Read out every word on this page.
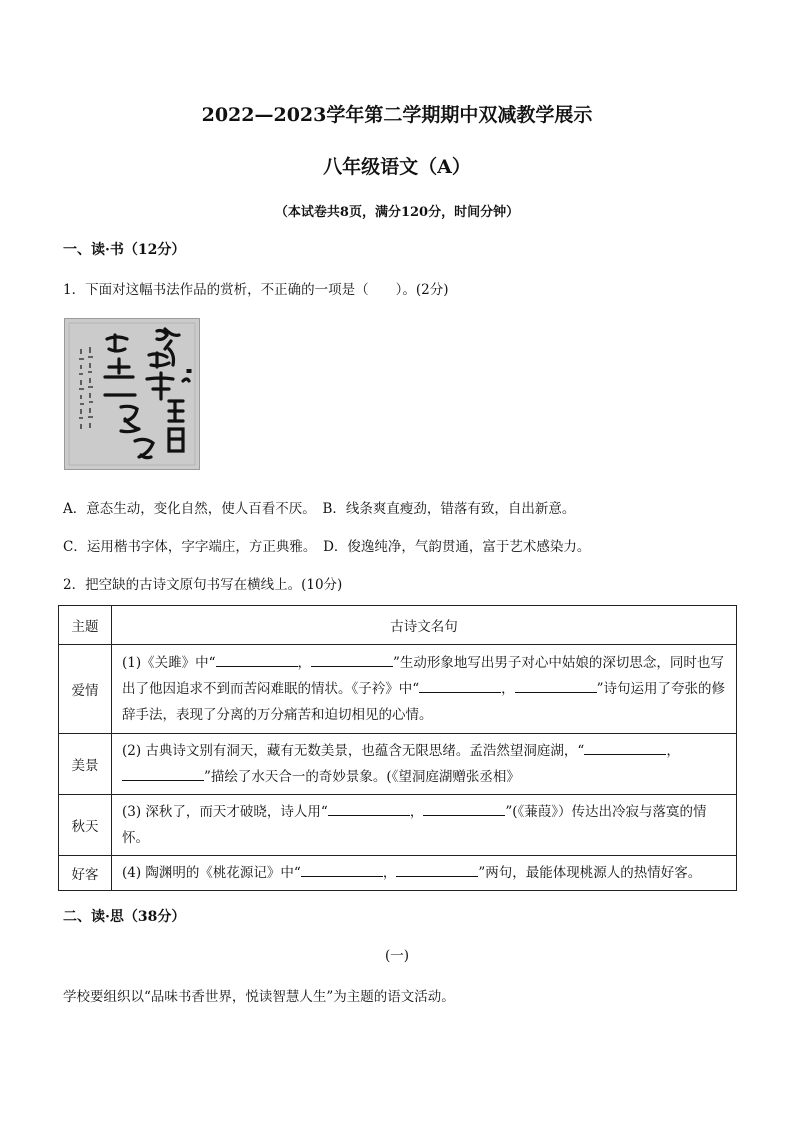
2022—2023学年第二学期期中双减教学展示
八年级语文（A）
（本试卷共8页，满分120分，时间分钟）
一、读·书（12分）
1．下面对这幅书法作品的赏析，不正确的一项是（　　）。(2分)
A．意态生动，变化自然，使人百看不厌。　B．线条爽直瘦劲，错落有致，自出新意。
C．运用楷书字体，字字端庄，方正典雅。　D．俊逸纯净，气韵贯通，富于艺术感染力。
2．把空缺的古诗文原句书写在横线上。(10分)
主题	古诗文名句
爱情	(1)《关雎》中“ ， ”生动形象地写出男子对心中姑娘的深切思念，同时也写出了他因追求不到而苦闷难眠的情状。《子衿》中“ ， ”诗句运用了夸张的修辞手法，表现了分离的万分痛苦和迫切相见的心情。
美景	(2) 古典诗文别有洞天，藏有无数美景，也蕴含无限思绪。孟浩然望洞庭湖，“ ，”描绘了水天合一的奇妙景象。(《望洞庭湖赠张丞相》
秋天	(3) 深秋了，而天才破晓，诗人用“ ， ”(《蒹葭》）传达出冷寂与落寞的情怀。
好客	(4) 陶渊明的《桃花源记》中“ ， ”两句，最能体现桃源人的热情好客。
二、读·思（38分）
(一)
学校要组织以“品味书香世界，悦读智慧人生”为主题的语文活动。
